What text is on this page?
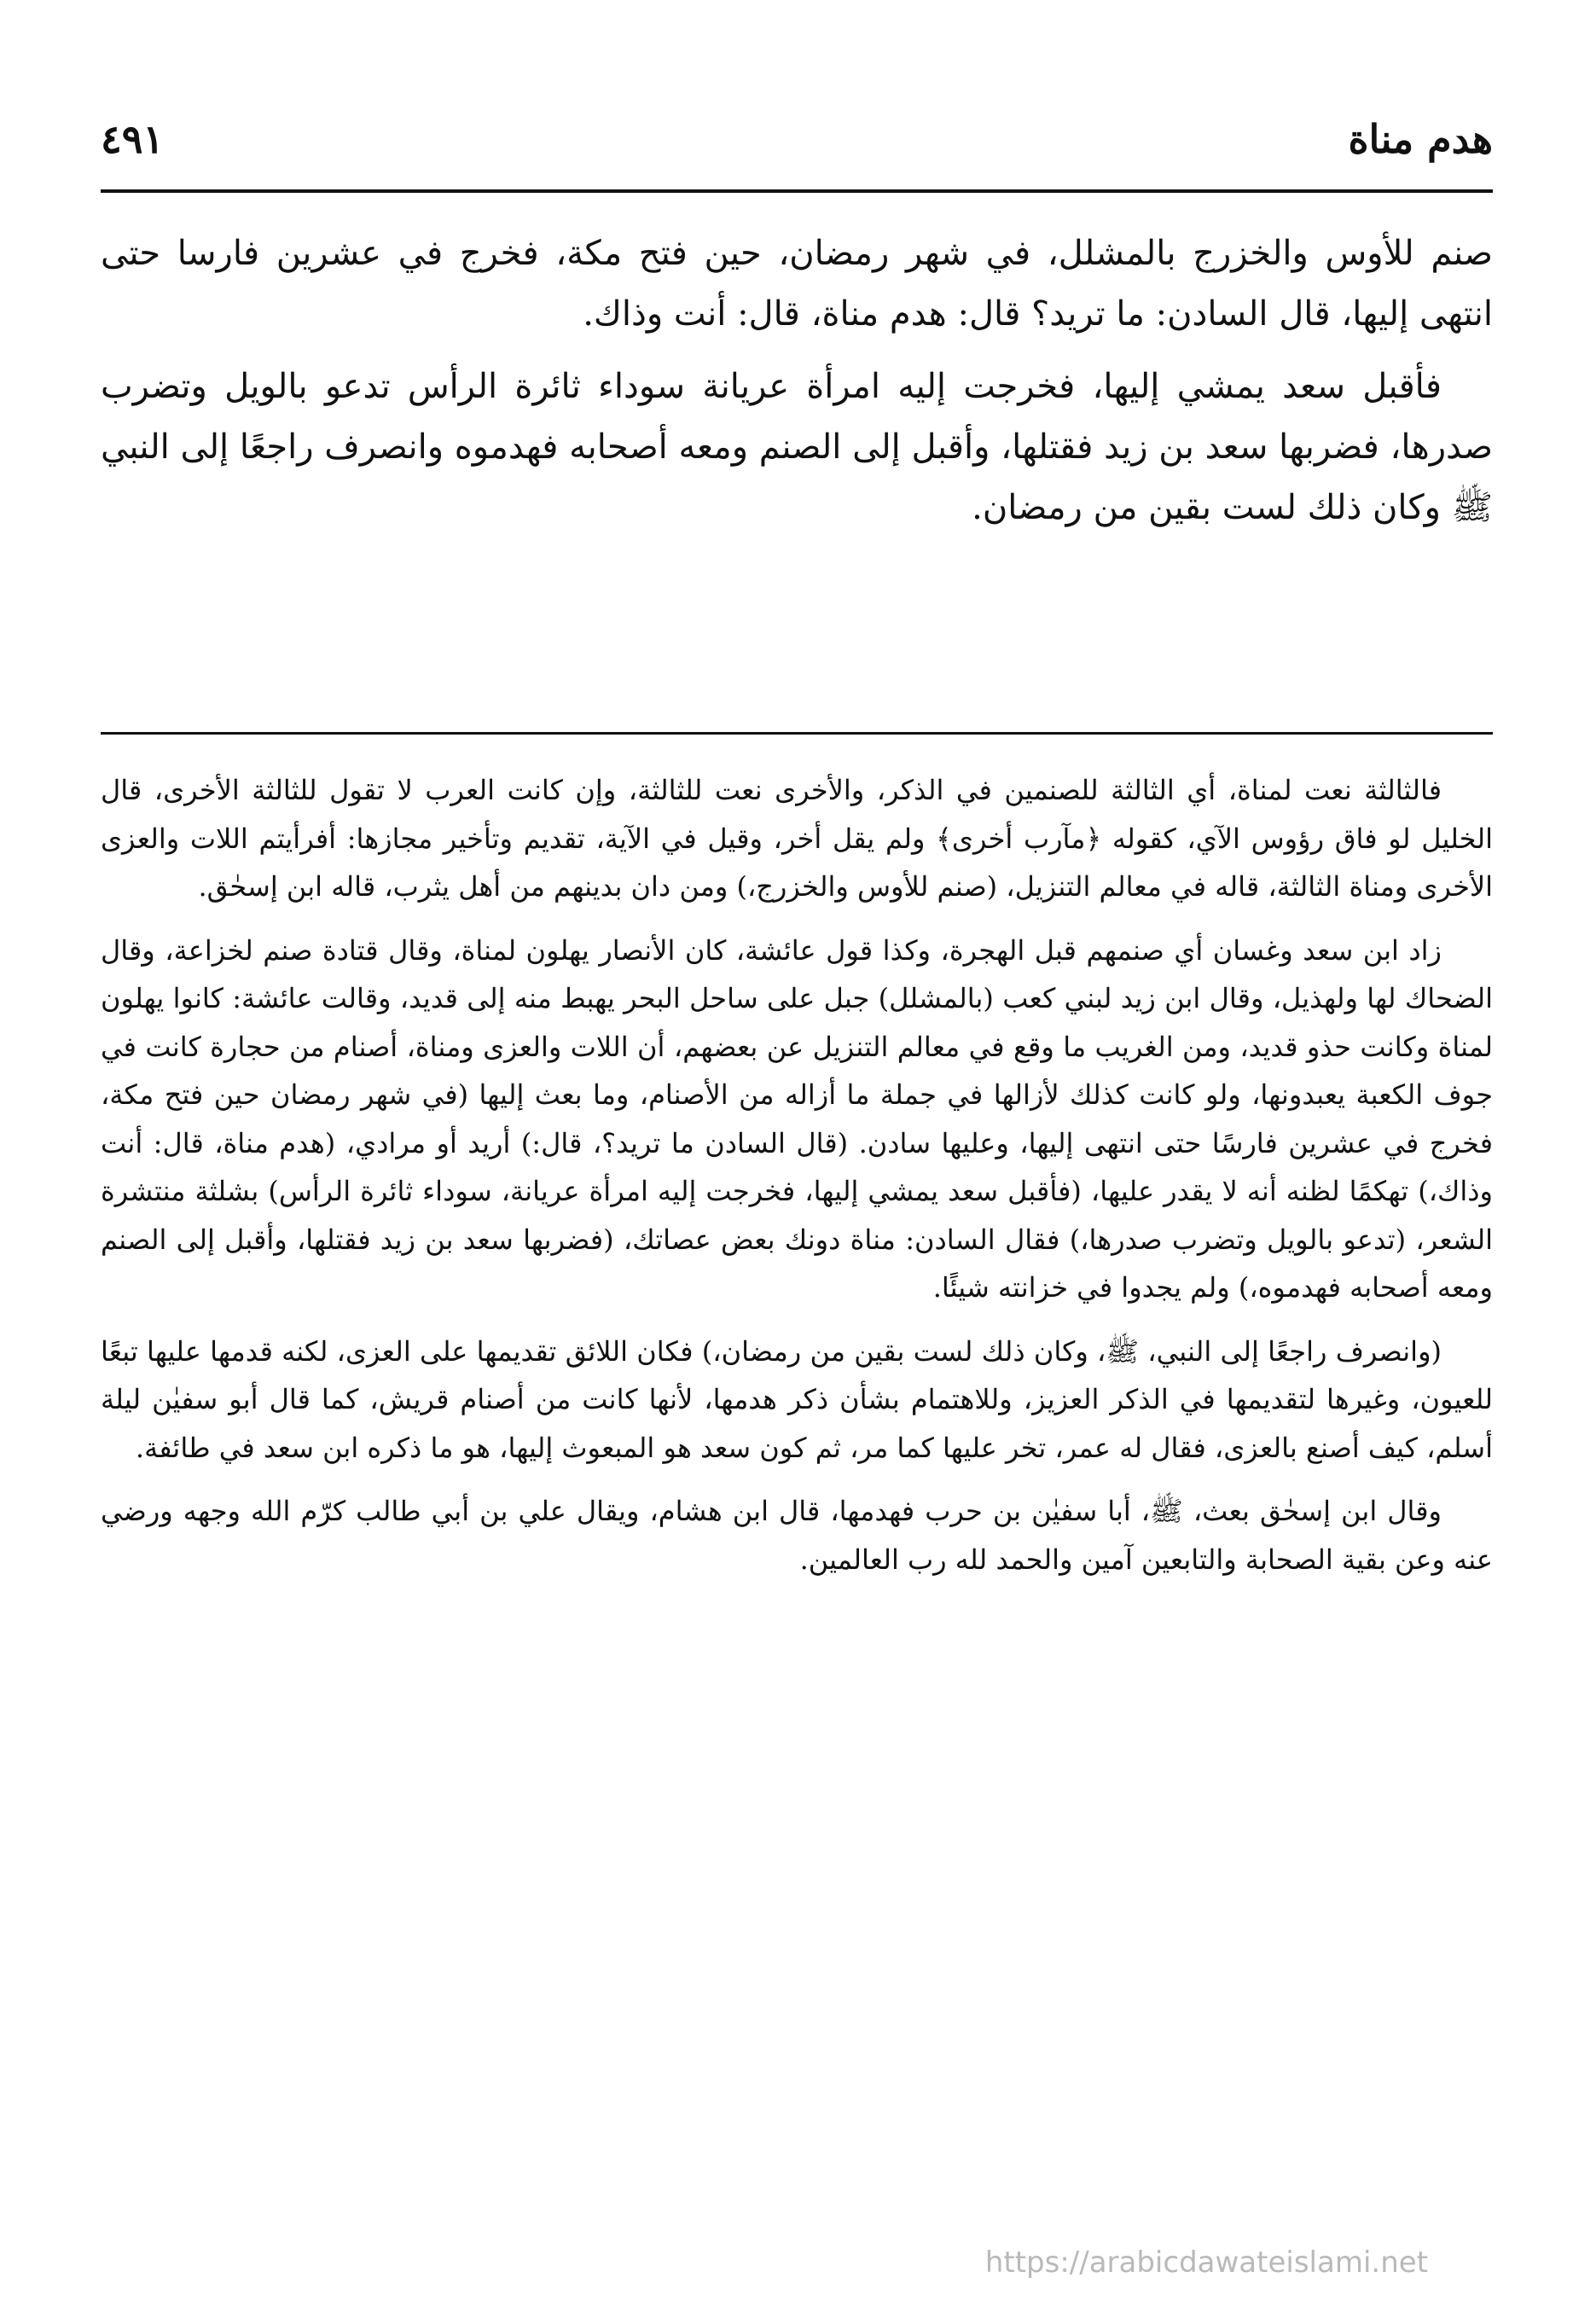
هدم مناة
٤٩١

صنم للأوس والخزرج بالمشلل، في شهر رمضان، حين فتح مكة، فخرج في عشرين فارسا حتى انتهى إليها، قال السادن: ما تريد؟ قال: هدم مناة، قال: أنت وذاك.

فأقبل سعد يمشي إليها، فخرجت إليه امرأة عريانة سوداء ثائرة الرأس تدعو بالويل وتضرب صدرها، فضربها سعد بن زيد فقتلها، وأقبل إلى الصنم ومعه أصحابه فهدموه وانصرف راجعًا إلى النبي ﷺ وكان ذلك لست بقين من رمضان.

فالثالثة نعت لمناة، أي الثالثة للصنمين في الذكر، والأخرى نعت للثالثة، وإن كانت العرب لا تقول للثالثة الأخرى، قال الخليل لو فاق رؤوس الآي، كقوله ﴿مآرب أخرى﴾ ولم يقل أخر، وقيل في الآية، تقديم وتأخير مجازها: أفرأيتم اللات والعزى الأخرى ومناة الثالثة، قاله في معالم التنزيل، (صنم للأوس والخزرج،) ومن دان بدينهم من أهل يثرب، قاله ابن إسحٰق.

زاد ابن سعد وغسان أي صنمهم قبل الهجرة، وكذا قول عائشة، كان الأنصار يهلون لمناة، وقال قتادة صنم لخزاعة، وقال الضحاك لها ولهذيل، وقال ابن زيد لبني كعب (بالمشلل) جبل على ساحل البحر يهبط منه إلى قديد، وقالت عائشة: كانوا يهلون لمناة وكانت حذو قديد، ومن الغريب ما وقع في معالم التنزيل عن بعضهم، أن اللات والعزى ومناة، أصنام من حجارة كانت في جوف الكعبة يعبدونها، ولو كانت كذلك لأزالها في جملة ما أزاله من الأصنام، وما بعث إليها (في شهر رمضان حين فتح مكة، فخرج في عشرين فارسًا حتى انتهى إليها، وعليها سادن. (قال السادن ما تريد؟، قال:) أريد أو مرادي، (هدم مناة، قال: أنت وذاك،) تهكمًا لظنه أنه لا يقدر عليها، (فأقبل سعد يمشي إليها، فخرجت إليه امرأة عريانة، سوداء ثائرة الرأس) بشلثة منتشرة الشعر، (تدعو بالويل وتضرب صدرها،) فقال السادن: مناة دونك بعض عصاتك، (فضربها سعد بن زيد فقتلها، وأقبل إلى الصنم ومعه أصحابه فهدموه،) ولم يجدوا في خزانته شيئًا.

(وانصرف راجعًا إلى النبي، ﷺ، وكان ذلك لست بقين من رمضان،) فكان اللائق تقديمها على العزى، لكنه قدمها عليها تبعًا للعيون، وغيرها لتقديمها في الذكر العزيز، وللاهتمام بشأن ذكر هدمها، لأنها كانت من أصنام قريش، كما قال أبو سفيٰن ليلة أسلم، كيف أصنع بالعزى، فقال له عمر، تخر عليها كما مر، ثم كون سعد هو المبعوث إليها، هو ما ذكره ابن سعد في طائفة.

وقال ابن إسحٰق بعث، ﷺ، أبا سفيٰن بن حرب فهدمها، قال ابن هشام، ويقال علي بن أبي طالب كرّم الله وجهه ورضي عنه وعن بقية الصحابة والتابعين آمين والحمد لله رب العالمين.

https://arabicdawateislami.net
